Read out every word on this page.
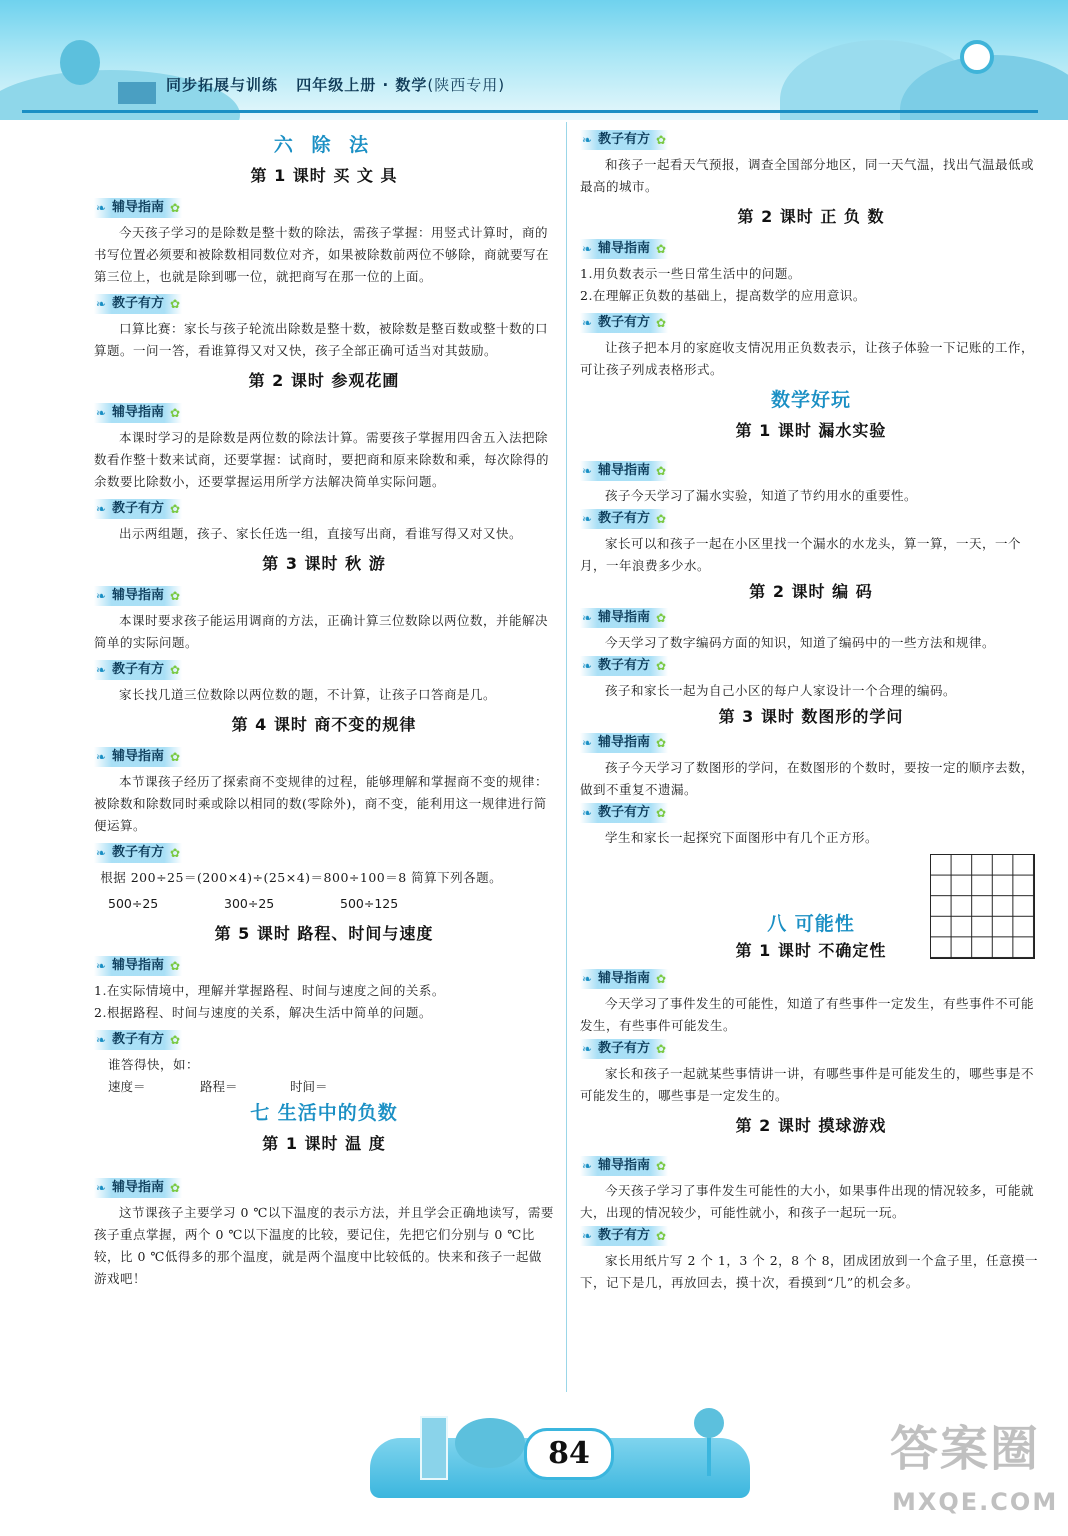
同步拓展与训练 四年级上册 · 数学(陕西专用)
六 除 法
第 1 课时 买 文 具
❧ 辅导指南 ✿

今天孩子学习的是除数是整十数的除法，需孩子掌握：用竖式计算时，商的书写位置必须要和被除数相同数位对齐，如果被除数前两位不够除，商就要写在第三位上，也就是除到哪一位，就把商写在那一位的上面。

❧ 教子有方 ✿

口算比赛：家长与孩子轮流出除数是整十数，被除数是整百数或整十数的口算题。一问一答，看谁算得又对又快，孩子全部正确可适当对其鼓励。

第 2 课时 参观花圃
❧ 辅导指南 ✿

本课时学习的是除数是两位数的除法计算。需要孩子掌握用四舍五入法把除数看作整十数来试商，还要掌握：试商时，要把商和原来除数和乘，每次除得的余数要比除数小，还要掌握运用所学方法解决简单实际问题。

❧ 教子有方 ✿

出示两组题，孩子、家长任选一组，直接写出商，看谁写得又对又快。

第 3 课时 秋 游
❧ 辅导指南 ✿

本课时要求孩子能运用调商的方法，正确计算三位数除以两位数，并能解决简单的实际问题。

❧ 教子有方 ✿

家长找几道三位数除以两位数的题，不计算，让孩子口答商是几。

第 4 课时 商不变的规律
❧ 辅导指南 ✿

本节课孩子经历了探索商不变规律的过程，能够理解和掌握商不变的规律：被除数和除数同时乘或除以相同的数(零除外)，商不变，能利用这一规律进行简便运算。

❧ 教子有方 ✿

根据 200÷25＝(200×4)÷(25×4)＝800÷100＝8 简算下列各题。

500÷25	300÷25	500÷125
第 5 课时 路程、时间与速度
❧ 辅导指南 ✿

1.在实际情境中，理解并掌握路程、时间与速度之间的关系。

2.根据路程、时间与速度的关系，解决生活中简单的问题。

❧ 教子有方 ✿

谁答得快，如：

速度＝	路程＝	时间＝
七 生活中的负数
第 1 课时 温 度
❧ 辅导指南 ✿

这节课孩子主要学习 0 ℃以下温度的表示方法，并且学会正确地读写，需要孩子重点掌握，两个 0 ℃以下温度的比较，要记住，先把它们分别与 0 ℃比较，比 0 ℃低得多的那个温度，就是两个温度中比较低的。快来和孩子一起做游戏吧！

❧ 教子有方 ✿

和孩子一起看天气预报，调查全国部分地区，同一天气温，找出气温最低或最高的城市。

第 2 课时 正 负 数
❧ 辅导指南 ✿

1.用负数表示一些日常生活中的问题。

2.在理解正负数的基础上，提高数学的应用意识。

❧ 教子有方 ✿

让孩子把本月的家庭收支情况用正负数表示，让孩子体验一下记账的工作，可让孩子列成表格形式。

数学好玩
第 1 课时 漏水实验
❧ 辅导指南 ✿

孩子今天学习了漏水实验，知道了节约用水的重要性。

❧ 教子有方 ✿

家长可以和孩子一起在小区里找一个漏水的水龙头，算一算，一天，一个月，一年浪费多少水。

第 2 课时 编 码
❧ 辅导指南 ✿

今天学习了数字编码方面的知识，知道了编码中的一些方法和规律。

❧ 教子有方 ✿

孩子和家长一起为自己小区的每户人家设计一个合理的编码。

第 3 课时 数图形的学问
❧ 辅导指南 ✿

孩子今天学习了数图形的学问，在数图形的个数时，要按一定的顺序去数，做到不重复不遗漏。

❧ 教子有方 ✿

学生和家长一起探究下面图形中有几个正方形。

八 可能性
第 1 课时 不确定性
❧ 辅导指南 ✿

今天学习了事件发生的可能性，知道了有些事件一定发生，有些事件不可能发生，有些事件可能发生。

❧ 教子有方 ✿

家长和孩子一起就某些事情讲一讲，有哪些事件是可能发生的，哪些事是不可能发生的，哪些事是一定发生的。

第 2 课时 摸球游戏
❧ 辅导指南 ✿

今天孩子学习了事件发生可能性的大小，如果事件出现的情况较多，可能就大，出现的情况较少，可能性就小，和孩子一起玩一玩。

❧ 教子有方 ✿

家长用纸片写 2 个 1，3 个 2，8 个 8，团成团放到一个盒子里，任意摸一下，记下是几，再放回去，摸十次，看摸到“几”的机会多。

84	答案圈
MXQE.COM
